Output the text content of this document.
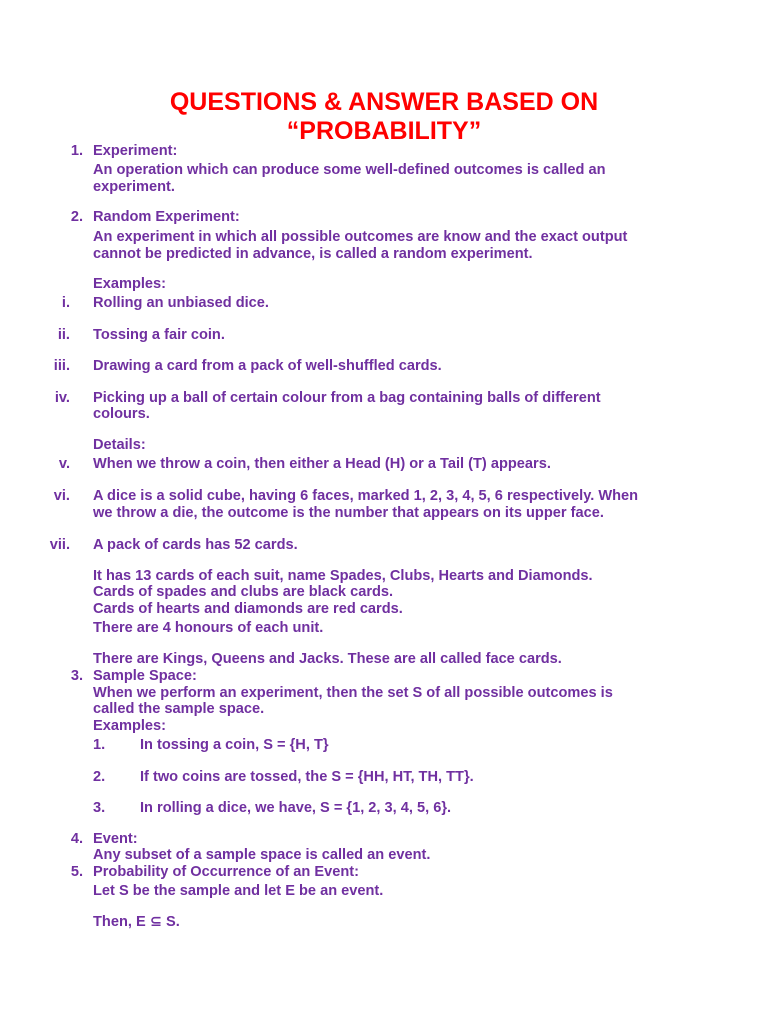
QUESTIONS & ANSWER BASED ON
“PROBABILITY”
1. Experiment:
An operation which can produce some well-defined outcomes is called an
experiment.
2. Random Experiment:
An experiment in which all possible outcomes are know and the exact output
cannot be predicted in advance, is called a random experiment.
Examples:
i. Rolling an unbiased dice.
ii. Tossing a fair coin.
iii. Drawing a card from a pack of well-shuffled cards.
iv. Picking up a ball of certain colour from a bag containing balls of different
colours.
Details:
v. When we throw a coin, then either a Head (H) or a Tail (T) appears.
vi. A dice is a solid cube, having 6 faces, marked 1, 2, 3, 4, 5, 6 respectively. When
we throw a die, the outcome is the number that appears on its upper face.
vii. A pack of cards has 52 cards.
It has 13 cards of each suit, name Spades, Clubs, Hearts and Diamonds.
Cards of spades and clubs are black cards.
Cards of hearts and diamonds are red cards.
There are 4 honours of each unit.
There are Kings, Queens and Jacks. These are all called face cards.
3. Sample Space:
When we perform an experiment, then the set S of all possible outcomes is
called the sample space.
Examples:
1. In tossing a coin, S = {H, T}
2. If two coins are tossed, the S = {HH, HT, TH, TT}.
3. In rolling a dice, we have, S = {1, 2, 3, 4, 5, 6}.
4. Event:
Any subset of a sample space is called an event.
5. Probability of Occurrence of an Event:
Let S be the sample and let E be an event.
Then, E ⊆ S.
